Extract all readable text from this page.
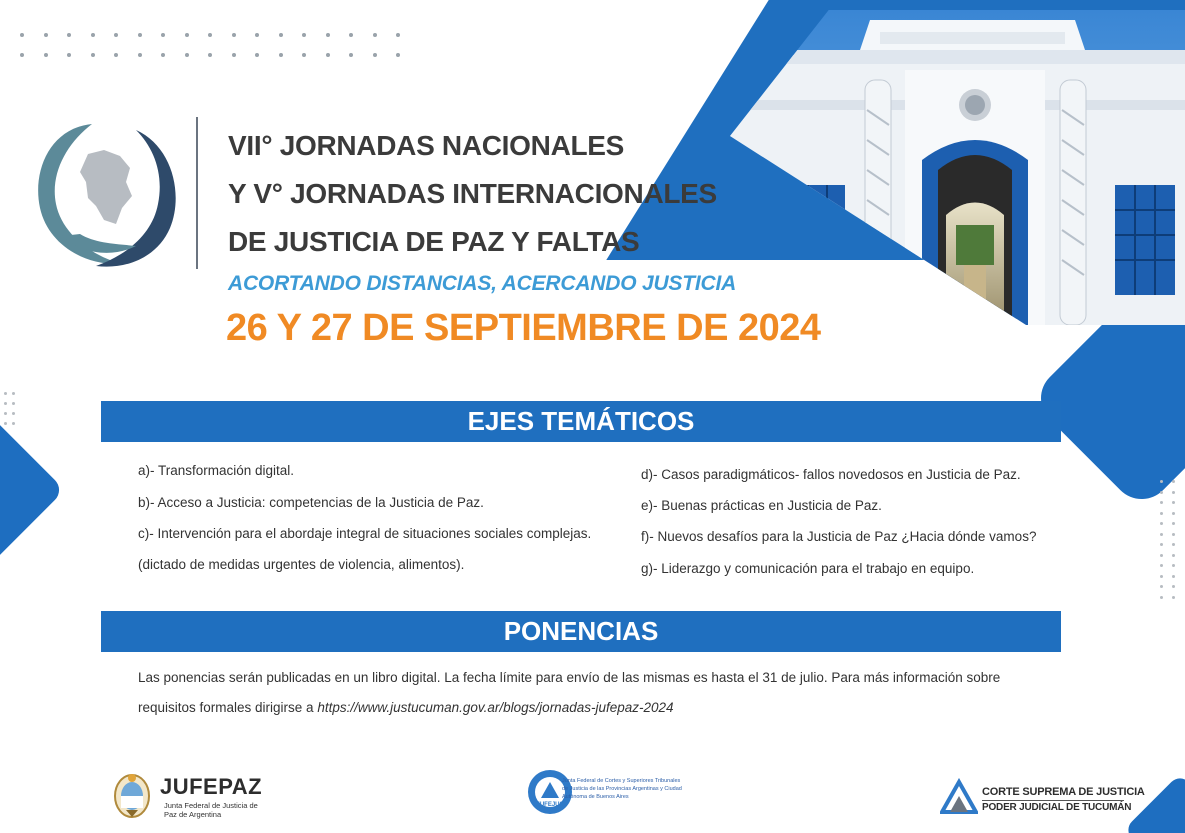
VII° JORNADAS NACIONALES
Y V° JORNADAS INTERNACIONALES
DE JUSTICIA DE PAZ Y FALTAS
ACORTANDO DISTANCIAS, ACERCANDO JUSTICIA
26 Y 27 DE SEPTIEMBRE DE 2024
EJES TEMÁTICOS
a)- Transformación digital.
b)- Acceso a Justicia: competencias de la Justicia de Paz.
c)- Intervención para el abordaje integral de situaciones sociales complejas.
(dictado de medidas urgentes de violencia, alimentos).
d)- Casos paradigmáticos- fallos novedosos en Justicia de Paz.
e)- Buenas prácticas en Justicia de Paz.
f)- Nuevos desafíos para la Justicia de Paz ¿Hacia dónde vamos?
g)- Liderazgo y comunicación para el trabajo en equipo.
PONENCIAS
Las ponencias serán publicadas en un libro digital. La fecha límite para envío de las mismas es hasta el 31 de julio. Para más información sobre
requisitos formales dirigirse a https://www.justucuman.gov.ar/blogs/jornadas-jufepaz-2024
JUFEPAZ
Junta Federal de Justicia de
Paz de Argentina
JUFEJUS
Junta Federal de Cortes y Superiores Tribunales
de Justicia de las Provincias Argentinas y Ciudad
Autónoma de Buenos Aires	CORTE SUPREMA DE JUSTICIA
PODER JUDICIAL DE TUCUMÁN
